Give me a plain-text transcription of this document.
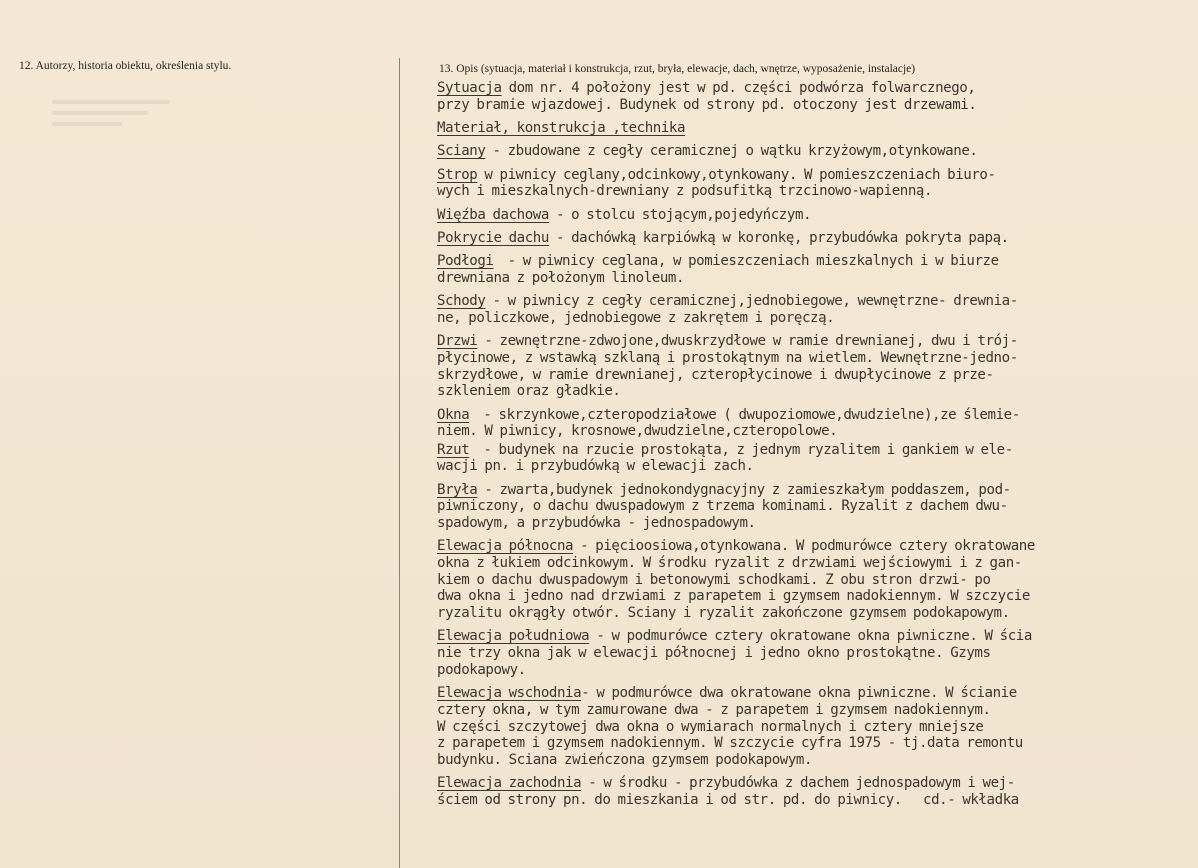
12. Autorzy, historia obiektu, określenia stylu.	13. Opis (sytuacja, materiał i konstrukcja, rzut, bryła, elewacje, dach, wnętrze, wyposażenie, instalacje)
Sytuacja dom nr. 4 położony jest w pd. części podwórza folwarcznego,
przy bramie wjazdowej. Budynek od strony pd. otoczony jest drzewami.
Materiał, konstrukcja ,technika
Sciany - zbudowane z cegły ceramicznej o wątku krzyżowym,otynkowane.
Strop w piwnicy ceglany,odcinkowy,otynkowany. W pomieszczeniach biuro-
wych i mieszkalnych-drewniany z podsufitką trzcinowo-wapienną.
Więźba dachowa - o stolcu stojącym,pojedyńczym.
Pokrycie dachu - dachówką karpiówką w koronkę, przybudówka pokryta papą.
Podłogi  - w piwnicy ceglana, w pomieszczeniach mieszkalnych i w biurze
drewniana z położonym linoleum.
Schody - w piwnicy z cegły ceramicznej,jednobiegowe, wewnętrzne- drewnia-
ne, policzkowe, jednobiegowe z zakrętem i poręczą.
Drzwi - zewnętrzne-zdwojone,dwuskrzydłowe w ramie drewnianej, dwu i trój-
płycinowe, z wstawką szklaną i prostokątnym na wietlem. Wewnętrzne-jedno-
skrzydłowe, w ramie drewnianej, czteropłycinowe i dwupłycinowe z prze-
szkleniem oraz gładkie.
Okna  - skrzynkowe,czteropodziałowe ( dwupoziomowe,dwudzielne),ze ślemie-
niem. W piwnicy, krosnowe,dwudzielne,czteropolowe.
Rzut  - budynek na rzucie prostokąta, z jednym ryzalitem i gankiem w ele-
wacji pn. i przybudówką w elewacji zach.
Bryła - zwarta,budynek jednokondygnacyjny z zamieszkałym poddaszem, pod-
piwniczony, o dachu dwuspadowym z trzema kominami. Ryzalit z dachem dwu-
spadowym, a przybudówka - jednospadowym.
Elewacja północna - pięcioosiowa,otynkowana. W podmurówce cztery okratowane
okna z łukiem odcinkowym. W środku ryzalit z drzwiami wejściowymi i z gan-
kiem o dachu dwuspadowym i betonowymi schodkami. Z obu stron drzwi- po
dwa okna i jedno nad drzwiami z parapetem i gzymsem nadokiennym. W szczycie
ryzalitu okrągły otwór. Sciany i ryzalit zakończone gzymsem podokapowym.
Elewacja południowa - w podmurówce cztery okratowane okna piwniczne. W ścia
nie trzy okna jak w elewacji północnej i jedno okno prostokątne. Gzyms
podokapowy.
Elewacja wschodnia- w podmurówce dwa okratowane okna piwniczne. W ścianie
cztery okna, w tym zamurowane dwa - z parapetem i gzymsem nadokiennym.
W części szczytowej dwa okna o wymiarach normalnych i cztery mniejsze
z parapetem i gzymsem nadokiennym. W szczycie cyfra 1975 - tj.data remontu
budynku. Sciana zwieńczona gzymsem podokapowym.
Elewacja zachodnia - w środku - przybudówka z dachem jednospadowym i wej-
ściem od strony pn. do mieszkania i od str. pd. do piwnicy.   cd.- wkładka
